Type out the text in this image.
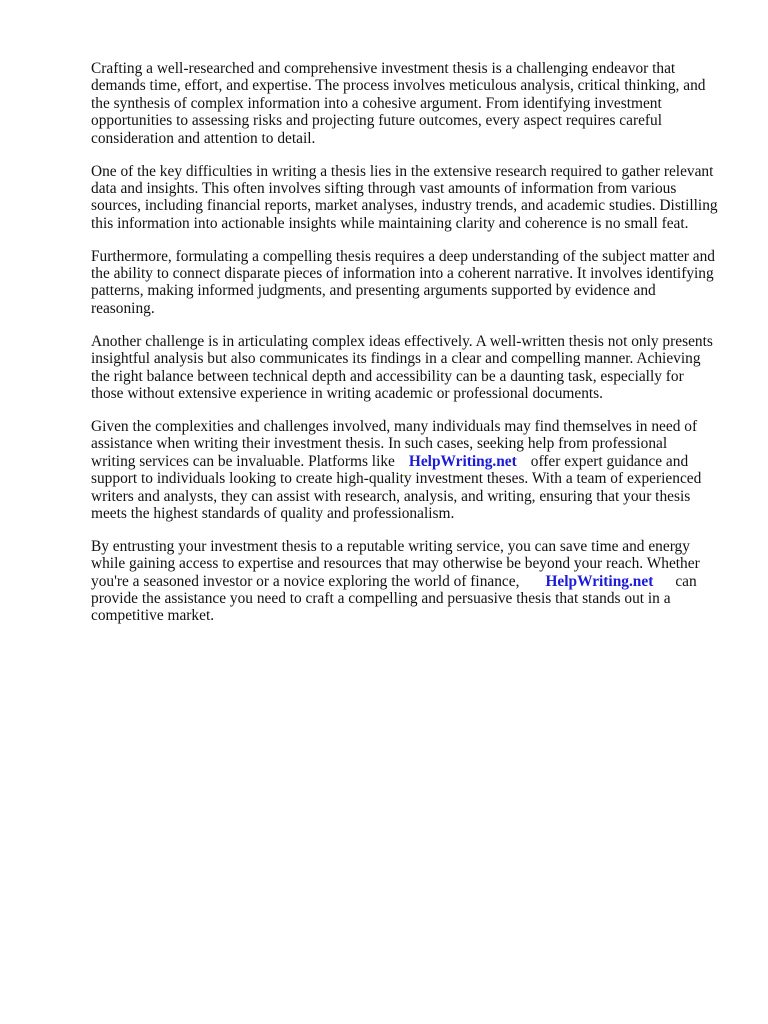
Crafting a well-researched and comprehensive investment thesis is a challenging endeavor that
demands time, effort, and expertise. The process involves meticulous analysis, critical thinking, and
the synthesis of complex information into a cohesive argument. From identifying investment
opportunities to assessing risks and projecting future outcomes, every aspect requires careful
consideration and attention to detail.

One of the key difficulties in writing a thesis lies in the extensive research required to gather relevant
data and insights. This often involves sifting through vast amounts of information from various
sources, including financial reports, market analyses, industry trends, and academic studies. Distilling
this information into actionable insights while maintaining clarity and coherence is no small feat.

Furthermore, formulating a compelling thesis requires a deep understanding of the subject matter and
the ability to connect disparate pieces of information into a coherent narrative. It involves identifying
patterns, making informed judgments, and presenting arguments supported by evidence and
reasoning.

Another challenge is in articulating complex ideas effectively. A well-written thesis not only presents
insightful analysis but also communicates its findings in a clear and compelling manner. Achieving
the right balance between technical depth and accessibility can be a daunting task, especially for
those without extensive experience in writing academic or professional documents.

Given the complexities and challenges involved, many individuals may find themselves in need of
assistance when writing their investment thesis. In such cases, seeking help from professional
writing services can be invaluable. Platforms like HelpWriting.net offer expert guidance and
support to individuals looking to create high-quality investment theses. With a team of experienced
writers and analysts, they can assist with research, analysis, and writing, ensuring that your thesis
meets the highest standards of quality and professionalism.

By entrusting your investment thesis to a reputable writing service, you can save time and energy
while gaining access to expertise and resources that may otherwise be beyond your reach. Whether
you're a seasoned investor or a novice exploring the world of finance, HelpWriting.net can
provide the assistance you need to craft a compelling and persuasive thesis that stands out in a
competitive market.
